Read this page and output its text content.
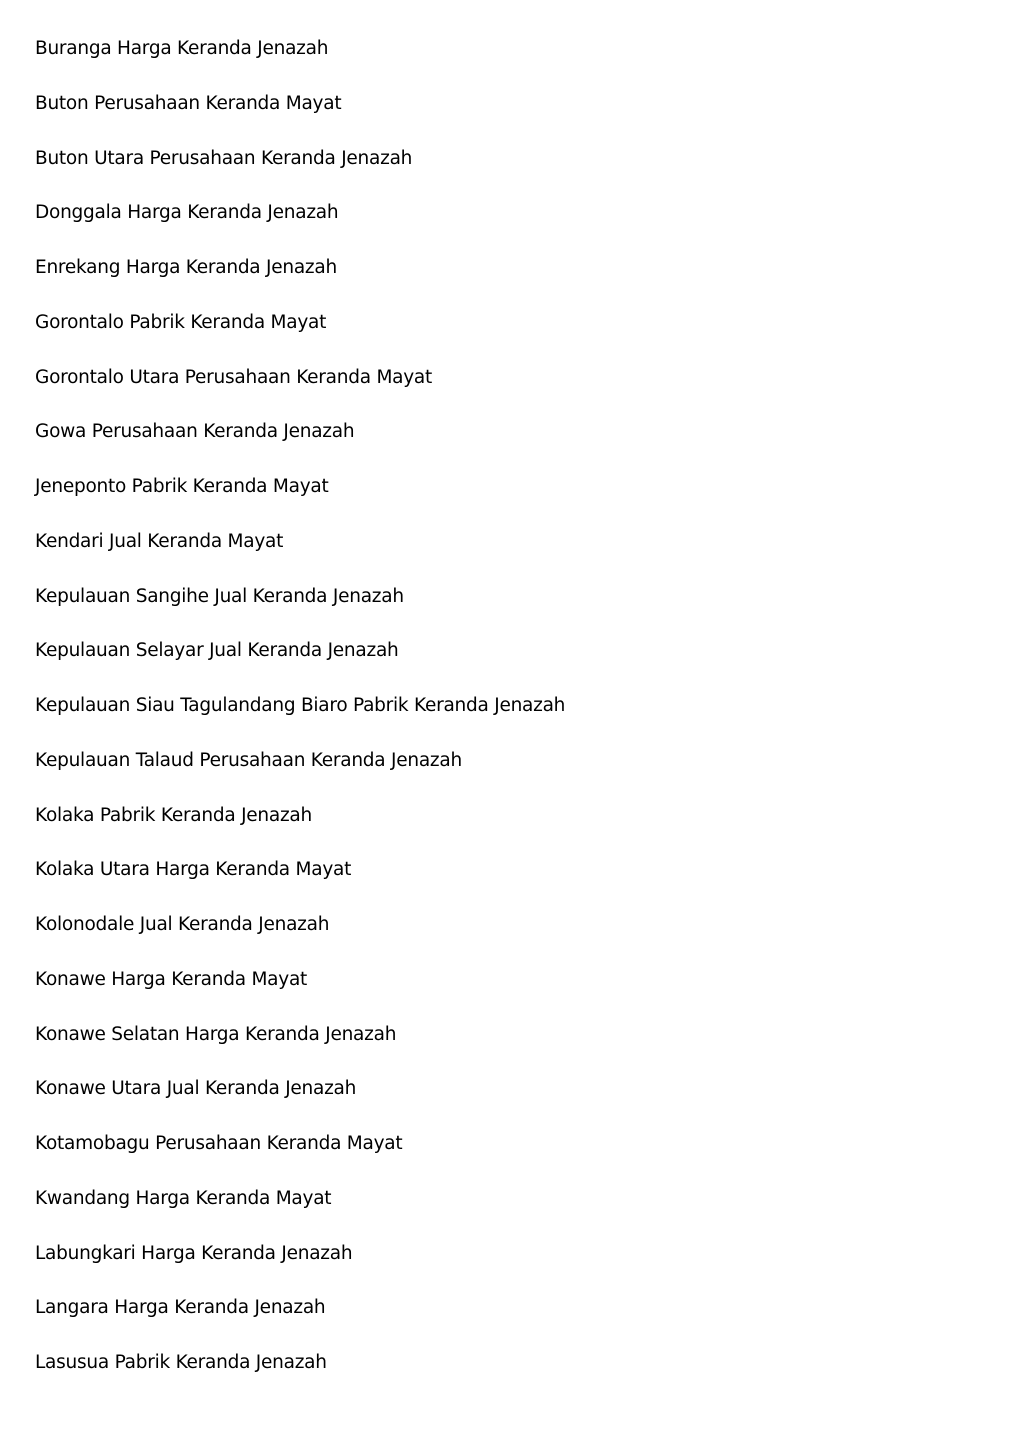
Buranga Harga Keranda Jenazah
Buton Perusahaan Keranda Mayat
Buton Utara Perusahaan Keranda Jenazah
Donggala Harga Keranda Jenazah
Enrekang Harga Keranda Jenazah
Gorontalo Pabrik Keranda Mayat
Gorontalo Utara Perusahaan Keranda Mayat
Gowa Perusahaan Keranda Jenazah
Jeneponto Pabrik Keranda Mayat
Kendari Jual Keranda Mayat
Kepulauan Sangihe Jual Keranda Jenazah
Kepulauan Selayar Jual Keranda Jenazah
Kepulauan Siau Tagulandang Biaro Pabrik Keranda Jenazah
Kepulauan Talaud Perusahaan Keranda Jenazah
Kolaka Pabrik Keranda Jenazah
Kolaka Utara Harga Keranda Mayat
Kolonodale Jual Keranda Jenazah
Konawe Harga Keranda Mayat
Konawe Selatan Harga Keranda Jenazah
Konawe Utara Jual Keranda Jenazah
Kotamobagu Perusahaan Keranda Mayat
Kwandang Harga Keranda Mayat
Labungkari Harga Keranda Jenazah
Langara Harga Keranda Jenazah
Lasusua Pabrik Keranda Jenazah
